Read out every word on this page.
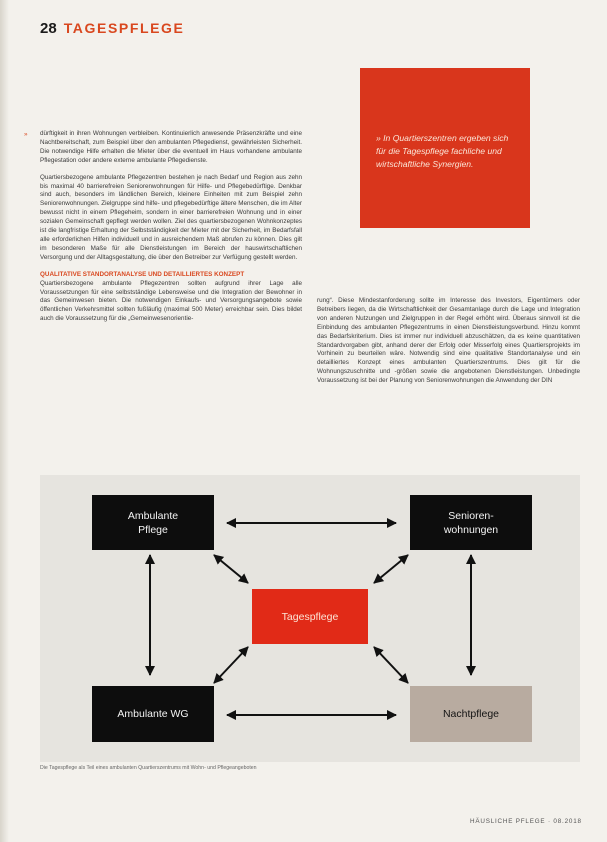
28 TAGESPFLEGE
» In Quartierszentren ergeben sich für die Tagespflege fachliche und wirtschaftliche Synergien.
» dürftigkeit in ihren Wohnungen verbleiben. Kontinuierlich anwesende Präsenzkräfte und eine Nachtbereitschaft, zum Beispiel über den ambulanten Pflegedienst, gewährleisten Sicherheit. Die notwendige Hilfe erhalten die Mieter über die eventuell im Haus vorhandene ambulante Pflegestation oder andere externe ambulante Pflegedienste.

Quartiersbezogene ambulante Pflegezentren bestehen je nach Bedarf und Region aus zehn bis maximal 40 barrierefreien Seniorenwohnungen für Hilfe- und Pflegebedürftige. Denkbar sind auch, besonders im ländlichen Bereich, kleinere Einheiten mit zum Beispiel zehn Seniorenwohnungen. Zielgruppe sind hilfe- und pflegebedürftige ältere Menschen, die im Alter bewusst nicht in einem Pflegeheim, sondern in einer barrierefreien Wohnung und in einer sozialen Gemeinschaft gepflegt werden wollen. Ziel des quartiersbezogenen Wohnkonzeptes ist die langfristige Erhaltung der Selbstständigkeit der Mieter mit der Sicherheit, im Bedarfsfall alle erforderlichen Hilfen individuell und in ausreichendem Maß abrufen zu können. Dies gilt im besonderen Maße für alle Dienstleistungen im Bereich der hauswirtschaftlichen Versorgung und der Alltagsgestaltung, die über den Betreiber zur Verfügung gestellt werden.

QUALITATIVE STANDORTANALYSE UND DETAILLIERTES KONZEPT

Quartiersbezogene ambulante Pflegezentren sollten aufgrund ihrer Lage alle Voraussetzungen für eine selbstständige Lebensweise und die Integration der Bewohner in das Gemeinwesen bieten. Die notwendigen Einkaufs- und Versorgungsangebote sowie öffentlichen Verkehrsmittel sollten fußläufig (maximal 500 Meter) erreichbar sein. Dies bildet auch die Voraussetzung für die „Gemeinwesenorientie-

rung“. Diese Mindestanforderung sollte im Interesse des Investors, Eigentümers oder Betreibers liegen, da die Wirtschaftlichkeit der Gesamtanlage durch die Lage und Integration von anderen Nutzungen und Zielgruppen in der Regel erhöht wird. Überaus sinnvoll ist die Einbindung des ambulanten Pflegezentrums in einen Dienstleistungsverbund. Hinzu kommt das Bedarfskriterium. Dies ist immer nur individuell abzuschätzen, da es keine quantitativen Standardvorgaben gibt, anhand derer der Erfolg oder Misserfolg eines Quartiersprojekts im Vorhinein zu beurteilen wäre. Notwendig sind eine qualitative Standortanalyse und ein detailliertes Konzept eines ambulanten Quartierszentrums. Dies gilt für die Wohnungszuschnitte und -größen sowie die angebotenen Dienstleistungen. Unbedingte Voraussetzung ist bei der Planung von Seniorenwohnungen die Anwendung der DIN

Ambulante
Pflege
Senioren-
wohnungen
Tagespflege
Ambulante WG	Nachtpflege
Die Tagespflege als Teil eines ambulanten Quartierszentrums mit Wohn- und Pflegeangeboten
HÄUSLICHE PFLEGE · 08.2018
